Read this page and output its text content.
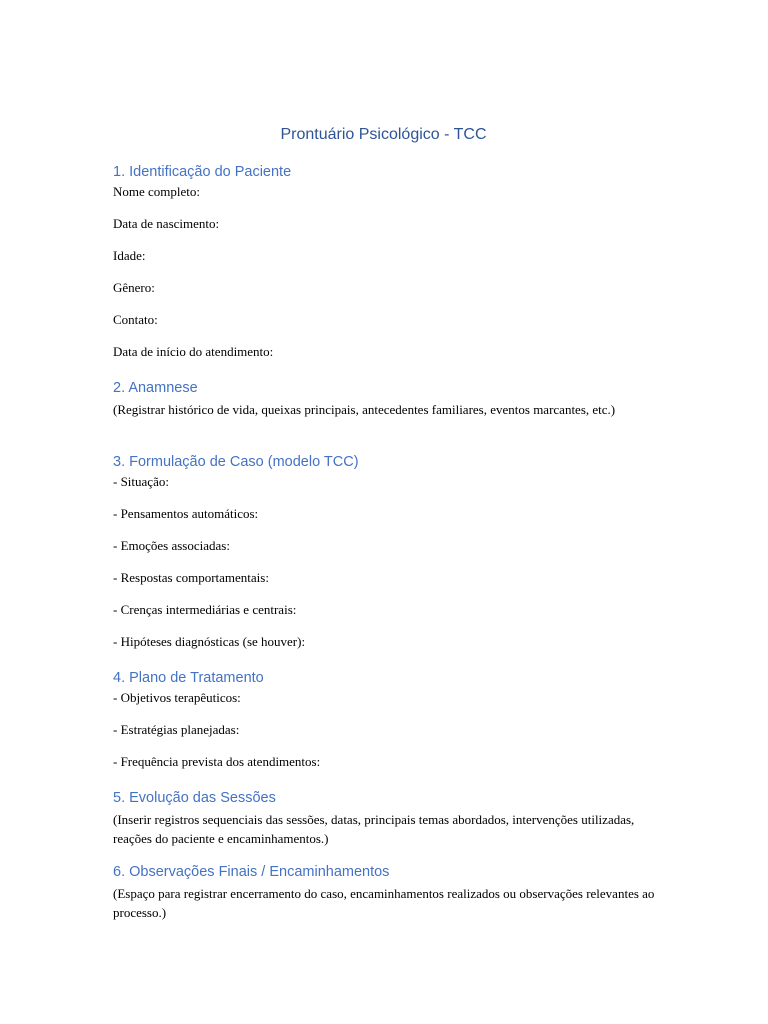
Prontuário Psicológico - TCC
1. Identificação do Paciente

Nome completo:

Data de nascimento:

Idade:

Gênero:

Contato:

Data de início do atendimento:

2. Anamnese

(Registrar histórico de vida, queixas principais, antecedentes familiares, eventos marcantes, etc.)

3. Formulação de Caso (modelo TCC)

- Situação:

- Pensamentos automáticos:

- Emoções associadas:

- Respostas comportamentais:

- Crenças intermediárias e centrais:

- Hipóteses diagnósticas (se houver):

4. Plano de Tratamento

- Objetivos terapêuticos:

- Estratégias planejadas:

- Frequência prevista dos atendimentos:

5. Evolução das Sessões

(Inserir registros sequenciais das sessões, datas, principais temas abordados, intervenções utilizadas, reações do paciente e encaminhamentos.)

6. Observações Finais / Encaminhamentos

(Espaço para registrar encerramento do caso, encaminhamentos realizados ou observações relevantes ao processo.)
